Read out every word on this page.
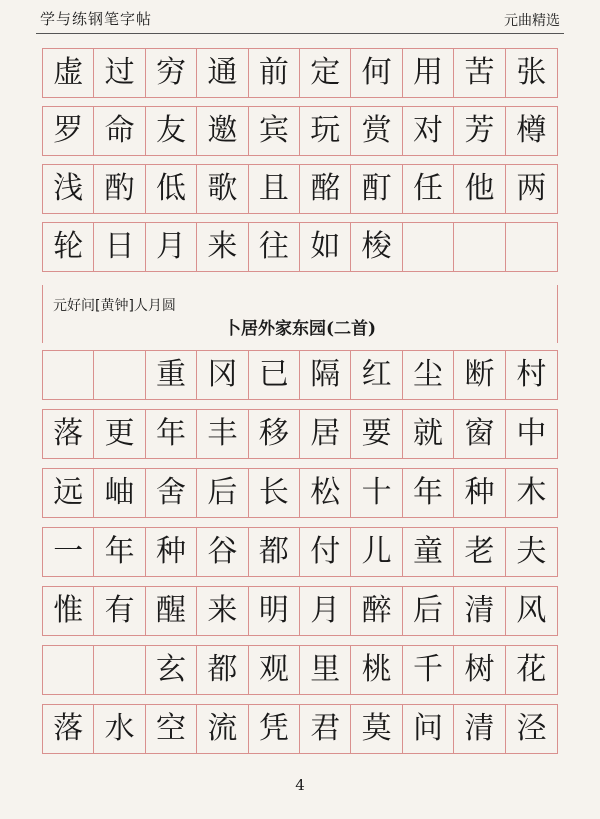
学与练钢笔字帖	元曲精选
虚 过 穷 通 前 定 何 用 苦 张
罗 命 友 邀 宾 玩 赏 对 芳 樽
浅 酌 低 歌 且 酩 酊 任 他 两
轮 日 月 来 往 如 梭
元好问[黄钟]人月圆
卜居外家东园(二首)
重 冈 已 隔 红 尘 断 村
落 更 年 丰 移 居 要 就 窗 中
远 岫 舍 后 长 松 十 年 种 木
一 年 种 谷 都 付 儿 童 老 夫
惟 有 醒 来 明 月 醉 后 清 风
玄 都 观 里 桃 千 树 花
落 水 空 流 凭 君 莫 问 清 泾
4
